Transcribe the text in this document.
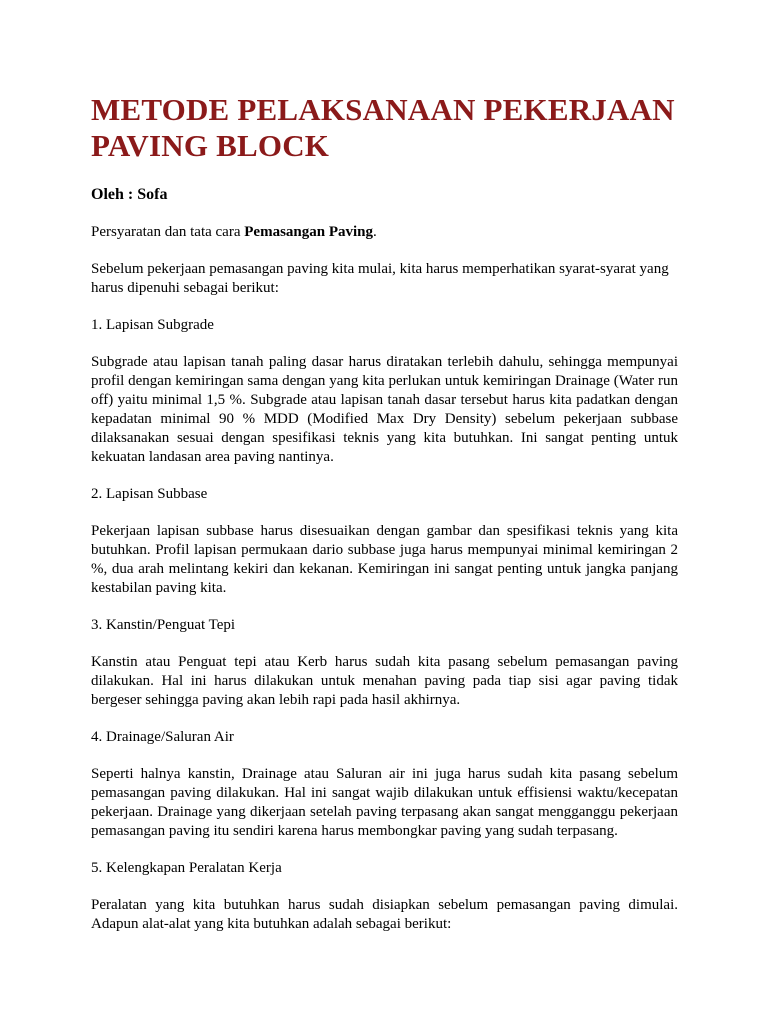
METODE PELAKSANAAN PEKERJAAN PAVING BLOCK
Oleh : Sofa

Persyaratan dan tata cara Pemasangan Paving.

Sebelum pekerjaan pemasangan paving kita mulai, kita harus memperhatikan syarat-syarat yang harus dipenuhi sebagai berikut:

1. Lapisan Subgrade

Subgrade atau lapisan tanah paling dasar harus diratakan terlebih dahulu, sehingga mempunyai profil dengan kemiringan sama dengan yang kita perlukan untuk kemiringan Drainage (Water run off) yaitu minimal 1,5 %. Subgrade atau lapisan tanah dasar tersebut harus kita padatkan dengan kepadatan minimal 90 % MDD (Modified Max Dry Density) sebelum pekerjaan subbase dilaksanakan sesuai dengan spesifikasi teknis yang kita butuhkan. Ini sangat penting untuk kekuatan landasan area paving nantinya.

2. Lapisan Subbase

Pekerjaan lapisan subbase harus disesuaikan dengan gambar dan spesifikasi teknis yang kita butuhkan. Profil lapisan permukaan dario subbase juga harus mempunyai minimal kemiringan 2 %, dua arah melintang kekiri dan kekanan. Kemiringan ini sangat penting untuk jangka panjang kestabilan paving kita.

3. Kanstin/Penguat Tepi

Kanstin atau Penguat tepi atau Kerb harus sudah kita pasang sebelum pemasangan paving dilakukan. Hal ini harus dilakukan untuk menahan paving pada tiap sisi agar paving tidak bergeser sehingga paving akan lebih rapi pada hasil akhirnya.

4. Drainage/Saluran Air

Seperti halnya kanstin, Drainage atau Saluran air ini juga harus sudah kita pasang sebelum pemasangan paving dilakukan. Hal ini sangat wajib dilakukan untuk effisiensi waktu/kecepatan pekerjaan. Drainage yang dikerjaan setelah paving terpasang akan sangat mengganggu pekerjaan pemasangan paving itu sendiri karena harus membongkar paving yang sudah terpasang.

5. Kelengkapan Peralatan Kerja

Peralatan yang kita butuhkan harus sudah disiapkan sebelum pemasangan paving dimulai. Adapun alat-alat yang kita butuhkan adalah sebagai berikut:
